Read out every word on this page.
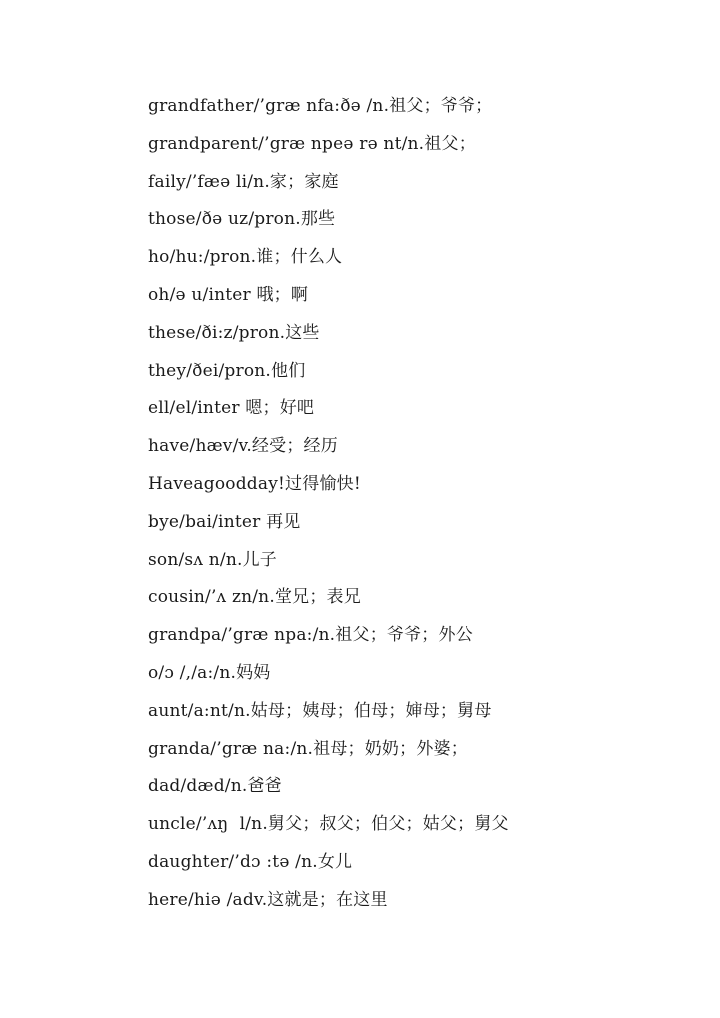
grandfather/’græ nfa:ðə /n.祖父；爷爷；
grandparent/’græ npeə rə nt/n.祖父；
faily/’fæə li/n.家；家庭
those/ðə uz/pron.那些
ho/hu:/pron.谁；什么人
oh/ə u/inter 哦；啊
these/ði:z/pron.这些
they/ðei/pron.他们
ell/el/inter 嗯；好吧
have/hæv/v.经受；经历
Haveagoodday!过得愉快!
bye/bai/inter 再见
son/sʌ n/n.儿子
cousin/’ʌ zn/n.堂兄；表兄
grandpa/’græ npa:/n.祖父；爷爷；外公
o/ɔ /,/a:/n.妈妈
aunt/a:nt/n.姑母；姨母；伯母；婶母；舅母
granda/’græ na:/n.祖母；奶奶；外婆；
dad/dæd/n.爸爸
uncle/’ʌŋ  l/n.舅父；叔父；伯父；姑父；舅父
daughter/’dɔ :tə /n.女儿
here/hiə /adv.这就是；在这里
